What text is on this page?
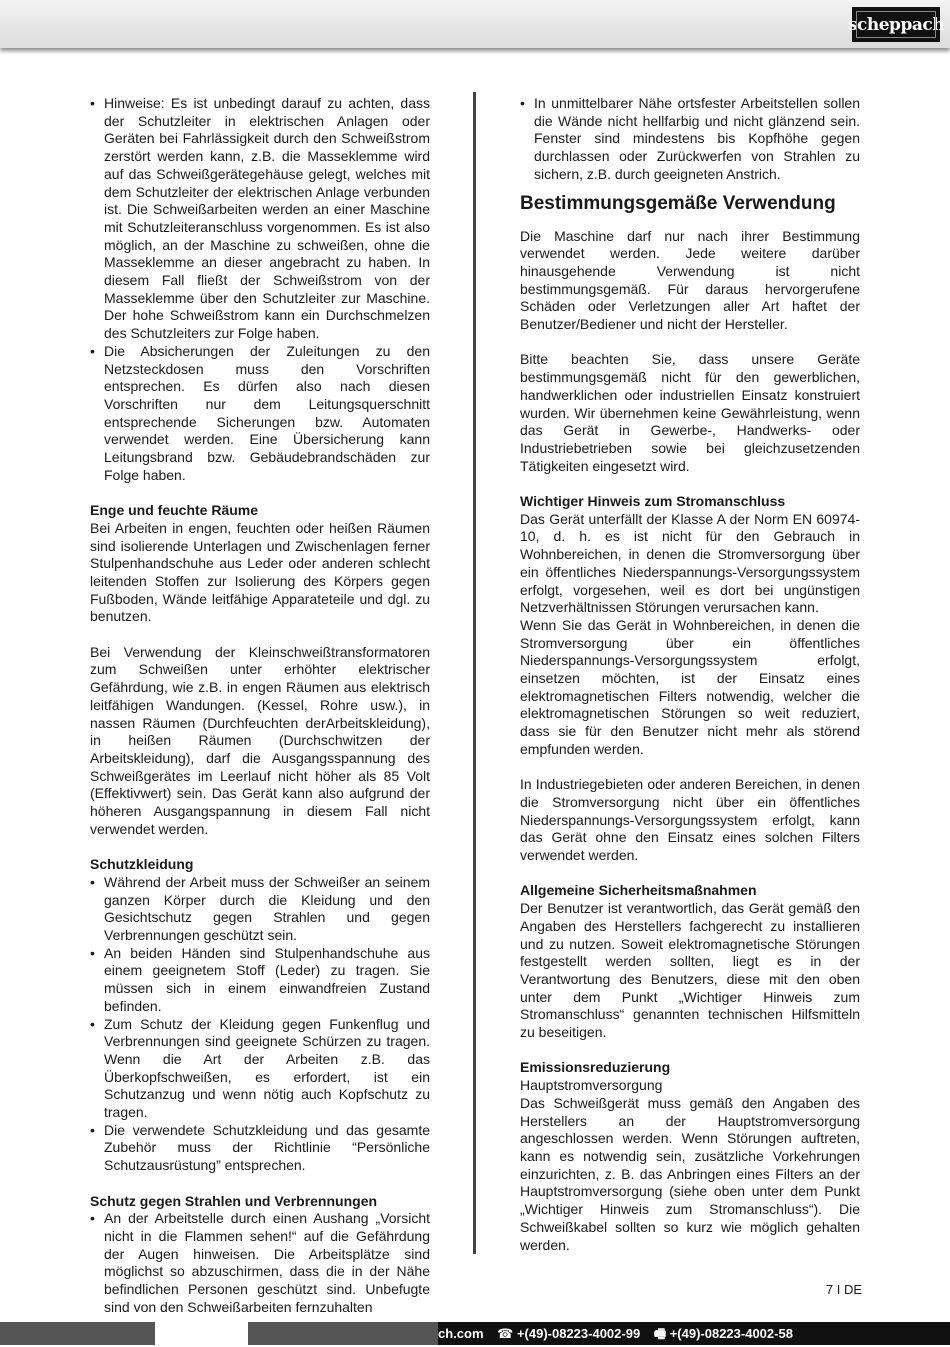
scheppach
• Hinweise: Es ist unbedingt darauf zu achten, dass der Schutzleiter in elektrischen Anlagen oder Geräten bei Fahrlässigkeit durch den Schweißstrom zerstört werden kann, z.B. die Masseklemme wird auf das Schweißgerätegehäuse gelegt, welches mit dem Schutzleiter der elektrischen Anlage verbunden ist. Die Schweißarbeiten werden an einer Maschine mit Schutzleiteranschluss vorgenommen. Es ist also möglich, an der Maschine zu schweißen, ohne die Masseklemme an dieser angebracht zu haben. In diesem Fall fließt der Schweißstrom von der Masseklemme über den Schutzleiter zur Maschine. Der hohe Schweißstrom kann ein Durchschmelzen des Schutzleiters zur Folge haben.
• Die Absicherungen der Zuleitungen zu den Netzsteckdosen muss den Vorschriften entsprechen. Es dürfen also nach diesen Vorschriften nur dem Leitungsquerschnitt entsprechende Sicherungen bzw. Automaten verwendet werden. Eine Übersicherung kann Leitungsbrand bzw. Gebäudebrandschäden zur Folge haben.
Enge und feuchte Räume

Bei Arbeiten in engen, feuchten oder heißen Räumen sind isolierende Unterlagen und Zwischenlagen ferner Stulpenhandschuhe aus Leder oder anderen schlecht leitenden Stoffen zur Isolierung des Körpers gegen Fußboden, Wände leitfähige Apparateteile und dgl. zu benutzen.

Bei Verwendung der Kleinschweißtransformatoren zum Schweißen unter erhöhter elektrischer Gefährdung, wie z.B. in engen Räumen aus elektrisch leitfähigen Wandungen. (Kessel, Rohre usw.), in nassen Räumen (Durchfeuchten derArbeitskleidung), in heißen Räumen (Durchschwitzen der Arbeitskleidung), darf die Ausgangsspannung des Schweißgerätes im Leerlauf nicht höher als 85 Volt (Effektivwert) sein. Das Gerät kann also aufgrund der höheren Ausgangspannung in diesem Fall nicht verwendet werden.

Schutzkleidung
• Während der Arbeit muss der Schweißer an seinem ganzen Körper durch die Kleidung und den Gesichtschutz gegen Strahlen und gegen Verbrennungen geschützt sein.
• An beiden Händen sind Stulpenhandschuhe aus einem geeignetem Stoff (Leder) zu tragen. Sie müssen sich in einem einwandfreien Zustand befinden.
• Zum Schutz der Kleidung gegen Funkenflug und Verbrennungen sind geeignete Schürzen zu tragen. Wenn die Art der Arbeiten z.B. das Überkopfschweißen, es erfordert, ist ein Schutzanzug und wenn nötig auch Kopfschutz zu tragen.
• Die verwendete Schutzkleidung und das gesamte Zubehör muss der Richtlinie “Persönliche Schutzausrüstung” entsprechen.
Schutz gegen Strahlen und Verbrennungen
• An der Arbeitstelle durch einen Aushang „Vorsicht nicht in die Flammen sehen!“ auf die Gefährdung der Augen hinweisen. Die Arbeitsplätze sind möglichst so abzuschirmen, dass die in der Nähe befindlichen Personen geschützt sind. Unbefugte sind von den Schweißarbeiten fernzuhalten
• In unmittelbarer Nähe ortsfester Arbeitstellen sollen die Wände nicht hellfarbig und nicht glänzend sein. Fenster sind mindestens bis Kopfhöhe gegen durchlassen oder Zurückwerfen von Strahlen zu sichern, z.B. durch geeigneten Anstrich.
Bestimmungsgemäße Verwendung

Die Maschine darf nur nach ihrer Bestimmung verwendet werden. Jede weitere darüber hinausgehende Verwendung ist nicht bestimmungsgemäß. Für daraus hervorgerufene Schäden oder Verletzungen aller Art haftet der Benutzer/Bediener und nicht der Hersteller.

Bitte beachten Sie, dass unsere Geräte bestimmungsgemäß nicht für den gewerblichen, handwerklichen oder industriellen Einsatz konstruiert wurden. Wir übernehmen keine Gewährleistung, wenn das Gerät in Gewerbe-, Handwerks- oder Industriebetrieben sowie bei gleichzusetzenden Tätigkeiten eingesetzt wird.

Wichtiger Hinweis zum Stromanschluss

Das Gerät unterfällt der Klasse A der Norm EN 60974-10, d. h. es ist nicht für den Gebrauch in Wohnbereichen, in denen die Stromversorgung über ein öffentliches Niederspannungs-Versorgungssystem erfolgt, vorgesehen, weil es dort bei ungünstigen Netzverhältnissen Störungen verursachen kann.

Wenn Sie das Gerät in Wohnbereichen, in denen die Stromversorgung über ein öffentliches Niederspannungs-Versorgungssystem erfolgt, einsetzen möchten, ist der Einsatz eines elektromagnetischen Filters notwendig, welcher die elektromagnetischen Störungen so weit reduziert, dass sie für den Benutzer nicht mehr als störend empfunden werden.

In Industriegebieten oder anderen Bereichen, in denen die Stromversorgung nicht über ein öffentliches Niederspannungs-Versorgungssystem erfolgt, kann das Gerät ohne den Einsatz eines solchen Filters verwendet werden.

Allgemeine Sicherheitsmaßnahmen

Der Benutzer ist verantwortlich, das Gerät gemäß den Angaben des Herstellers fachgerecht zu installieren und zu nutzen. Soweit elektromagnetische Störungen festgestellt werden sollten, liegt es in der Verantwortung des Benutzers, diese mit den oben unter dem Punkt „Wichtiger Hinweis zum Stromanschluss“ genannten technischen Hilfsmitteln zu beseitigen.

Emissionsreduzierung

Hauptstromversorgung

Das Schweißgerät muss gemäß den Angaben des Herstellers an der Hauptstromversorgung angeschlossen werden. Wenn Störungen auftreten, kann es notwendig sein, zusätzliche Vorkehrungen einzurichten, z. B. das Anbringen eines Filters an der Hauptstromversorgung (siehe oben unter dem Punkt „Wichtiger Hinweis zum Stromanschluss“). Die Schweißkabel sollten so kurz wie möglich gehalten werden.

7 I DE
ch.com ☎ +(49)-08223-4002-99 🖷 +(49)-08223-4002-58
